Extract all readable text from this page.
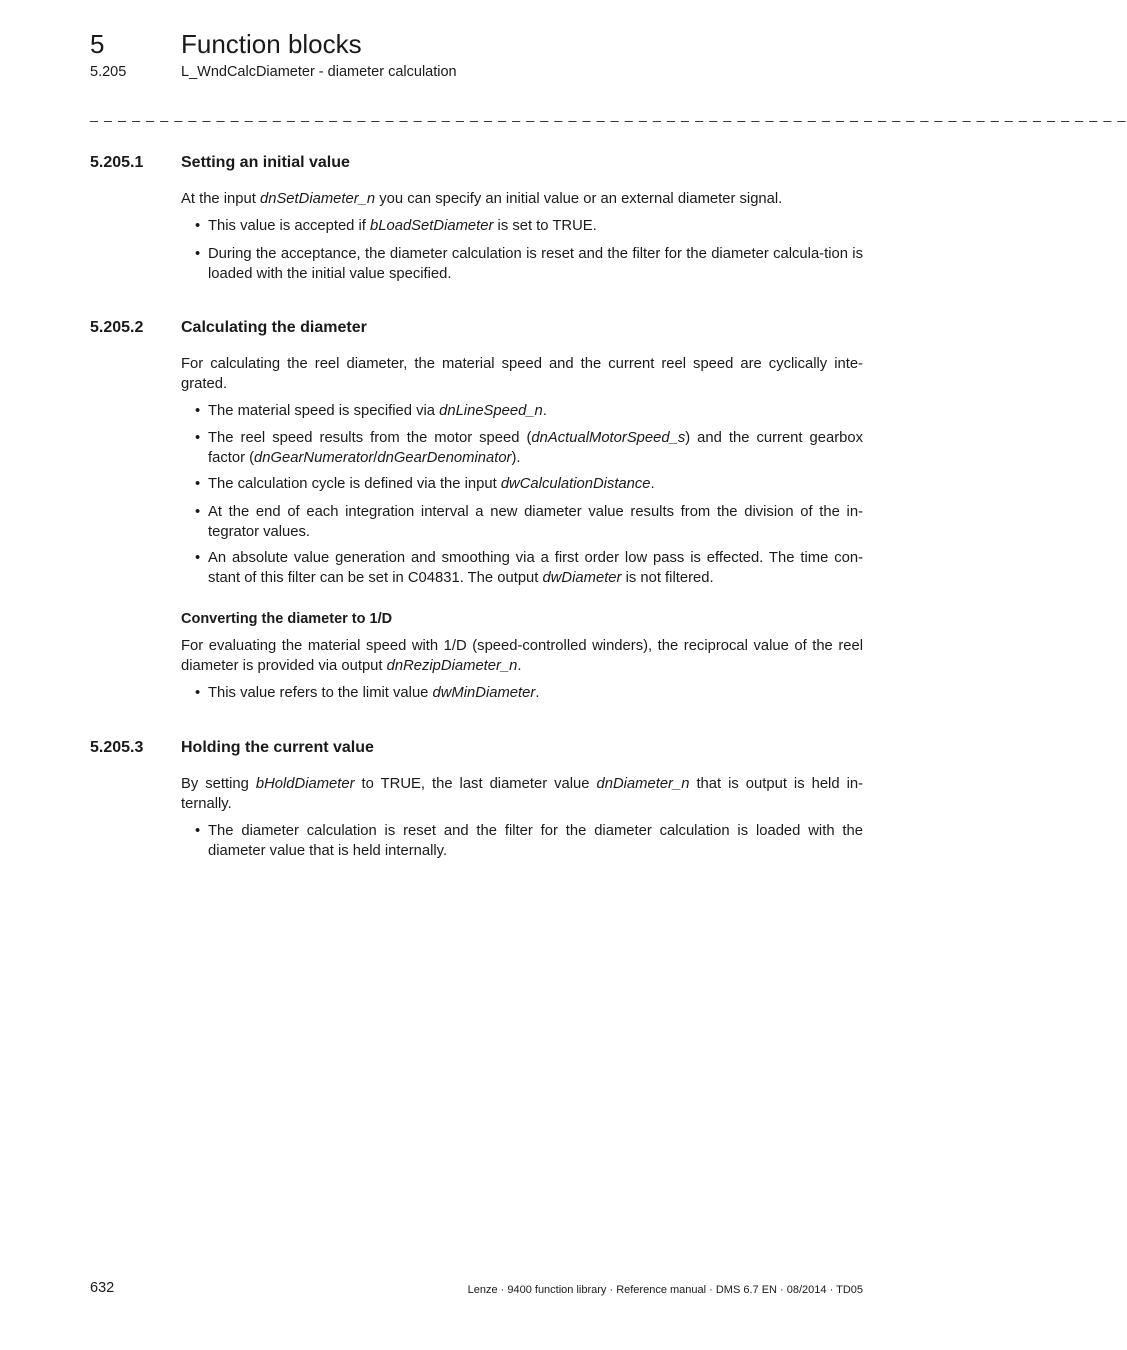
5	Function blocks
5.205	L_WndCalcDiameter - diameter calculation
_ _ _ _ _ _ _ _ _ _ _ _ _ _ _ _ _ _ _ _ _ _ _ _ _ _ _ _ _ _ _ _ _ _ _ _ _ _ _ _ _ _ _ _ _ _ _ _ _ _ _ _ _ _ _ _ _ _ _ _ _ _ _ _ _ _ _ _ _ _ _ _ _ _
5.205.1 Setting an initial value
At the input dnSetDiameter_n you can specify an initial value or an external diameter signal.
• This value is accepted if bLoadSetDiameter is set to TRUE.
• During the acceptance, the diameter calculation is reset and the filter for the diameter calcula-tion is loaded with the initial value specified.
5.205.2 Calculating the diameter
For calculating the reel diameter, the material speed and the current reel speed are cyclically inte-grated.
• The material speed is specified via dnLineSpeed_n.
• The reel speed results from the motor speed (dnActualMotorSpeed_s) and the current gearbox factor (dnGearNumerator/dnGearDenominator).
• The calculation cycle is defined via the input dwCalculationDistance.
• At the end of each integration interval a new diameter value results from the division of the in-tegrator values.
• An absolute value generation and smoothing via a first order low pass is effected. The time con-stant of this filter can be set in C04831. The output dwDiameter is not filtered.
Converting the diameter to 1/D
For evaluating the material speed with 1/D (speed-controlled winders), the reciprocal value of the reel diameter is provided via output dnRezipDiameter_n.
• This value refers to the limit value dwMinDiameter.
5.205.3 Holding the current value
By setting bHoldDiameter to TRUE, the last diameter value dnDiameter_n that is output is held in-ternally.
• The diameter calculation is reset and the filter for the diameter calculation is loaded with the diameter value that is held internally.
632	Lenze · 9400 function library · Reference manual · DMS 6.7 EN · 08/2014 · TD05
